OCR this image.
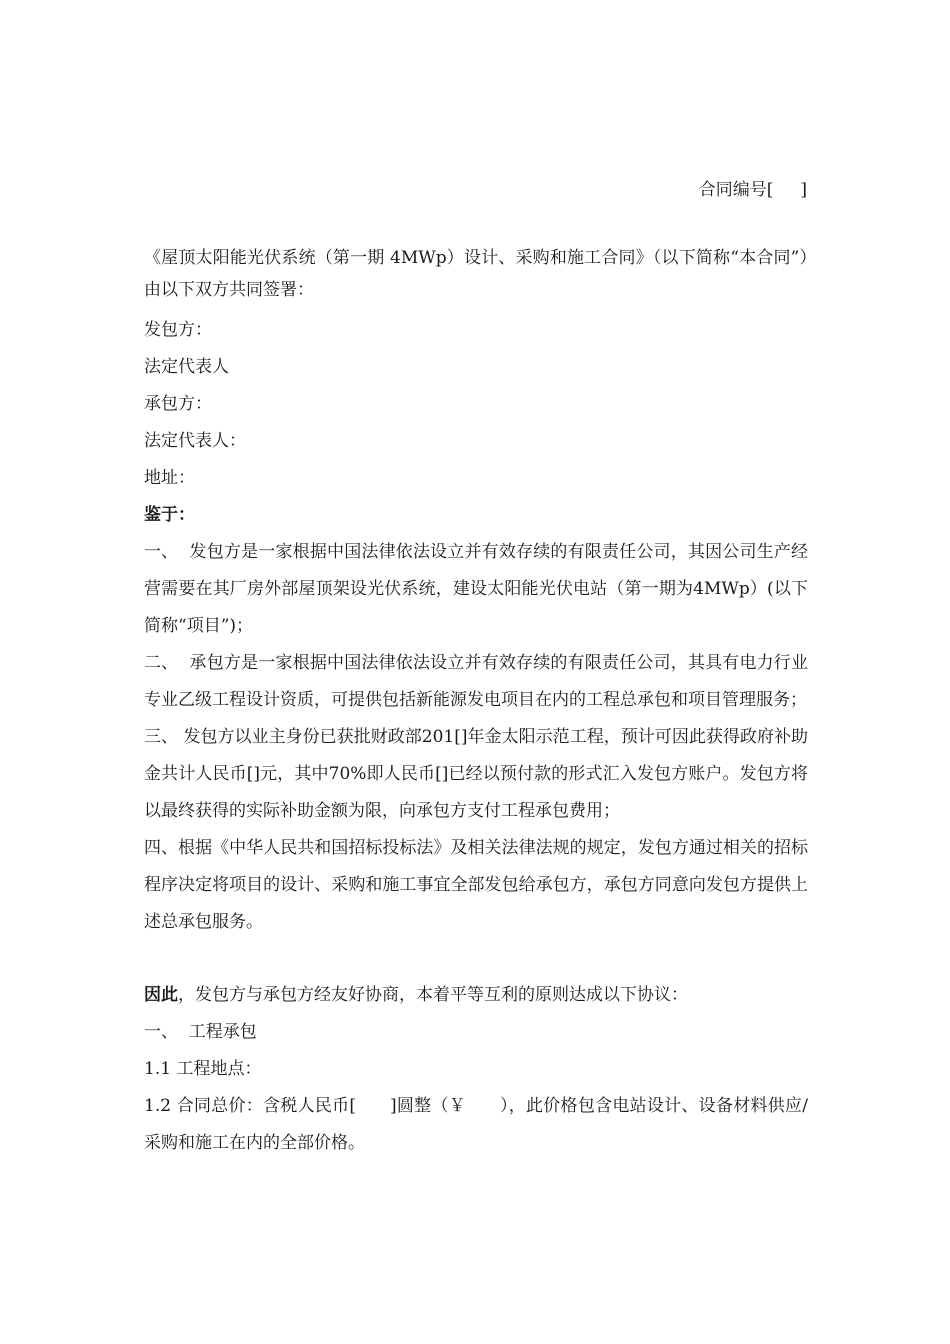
合同编号[     ]

《屋顶太阳能光伏系统（第一期 4MWp）设计、采购和施工合同》（以下简称“本合同”）由以下双方共同签署：

发包方：

法定代表人

承包方：

法定代表人：

地址：

鉴于：

一、  发包方是一家根据中国法律依法设立并有效存续的有限责任公司，其因公司生产经营需要在其厂房外部屋顶架设光伏系统，建设太阳能光伏电站（第一期为4MWp）(以下简称“项目”)；

二、  承包方是一家根据中国法律依法设立并有效存续的有限责任公司，其具有电力行业专业乙级工程设计资质，可提供包括新能源发电项目在内的工程总承包和项目管理服务；

三、 发包方以业主身份已获批财政部201[]年金太阳示范工程，预计可因此获得政府补助金共计人民币[]元，其中70%即人民币[]已经以预付款的形式汇入发包方账户。发包方将以最终获得的实际补助金额为限，向承包方支付工程承包费用；

四、根据《中华人民共和国招标投标法》及相关法律法规的规定，发包方通过相关的招标程序决定将项目的设计、采购和施工事宜全部发包给承包方，承包方同意向发包方提供上述总承包服务。

因此，发包方与承包方经友好协商，本着平等互利的原则达成以下协议：

一、  工程承包

1.1 工程地点：

1.2 合同总价：含税人民币[      ]圆整（￥      ），此价格包含电站设计、设备材料供应/采购和施工在内的全部价格。
